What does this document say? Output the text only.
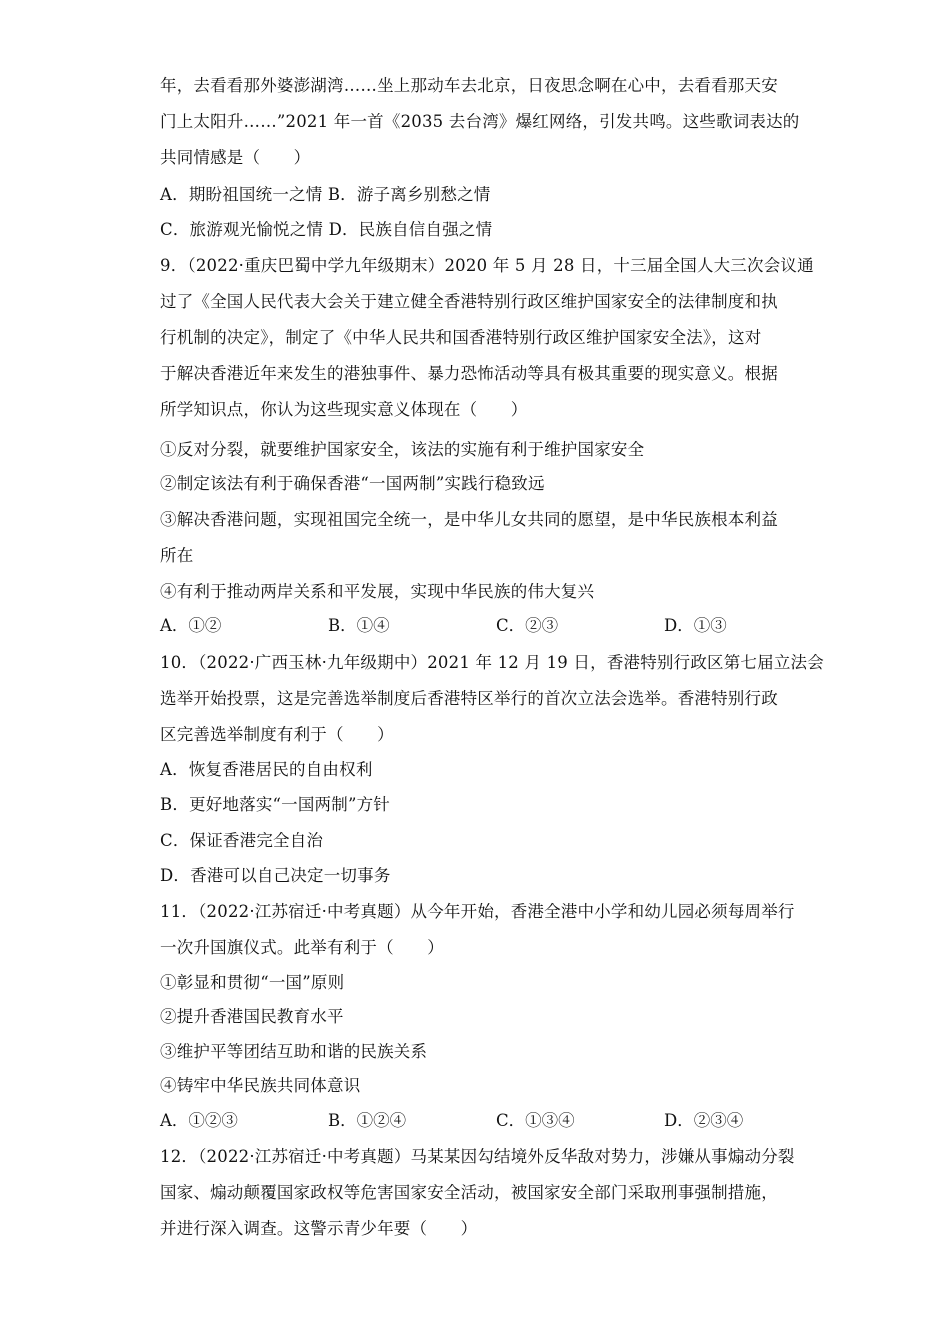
年，去看看那外婆澎湖湾……坐上那动车去北京，日夜思念啊在心中，去看看那天安
门上太阳升……”2021 年一首《2035 去台湾》爆红网络，引发共鸣。这些歌词表达的
共同情感是（　　）
A．期盼祖国统一之情 B．游子离乡别愁之情
C．旅游观光愉悦之情 D．民族自信自强之情
9．（2022·重庆巴蜀中学九年级期末）2020 年 5 月 28 日，十三届全国人大三次会议通
过了《全国人民代表大会关于建立健全香港特别行政区维护国家安全的法律制度和执
行机制的决定》，制定了《中华人民共和国香港特别行政区维护国家安全法》，这对
于解决香港近年来发生的港独事件、暴力恐怖活动等具有极其重要的现实意义。根据
所学知识点，你认为这些现实意义体现在（　　）
①反对分裂，就要维护国家安全，该法的实施有利于维护国家安全
②制定该法有利于确保香港“一国两制”实践行稳致远
③解决香港问题，实现祖国完全统一，是中华儿女共同的愿望，是中华民族根本利益
所在
④有利于推动两岸关系和平发展，实现中华民族的伟大复兴
A．①②	B．①④	C．②③	D．①③
10．（2022·广西玉林·九年级期中）2021 年 12 月 19 日，香港特别行政区第七届立法会
选举开始投票，这是完善选举制度后香港特区举行的首次立法会选举。香港特别行政
区完善选举制度有利于（　　）
A．恢复香港居民的自由权利
B．更好地落实“一国两制”方针
C．保证香港完全自治
D．香港可以自己决定一切事务
11．（2022·江苏宿迁·中考真题）从今年开始，香港全港中小学和幼儿园必须每周举行
一次升国旗仪式。此举有利于（　　）
①彰显和贯彻“一国”原则
②提升香港国民教育水平
③维护平等团结互助和谐的民族关系
④铸牢中华民族共同体意识
A．①②③	B．①②④	C．①③④	D．②③④
12．（2022·江苏宿迁·中考真题）马某某因勾结境外反华敌对势力，涉嫌从事煽动分裂
国家、煽动颠覆国家政权等危害国家安全活动，被国家安全部门采取刑事强制措施，
并进行深入调查。这警示青少年要（　　）
